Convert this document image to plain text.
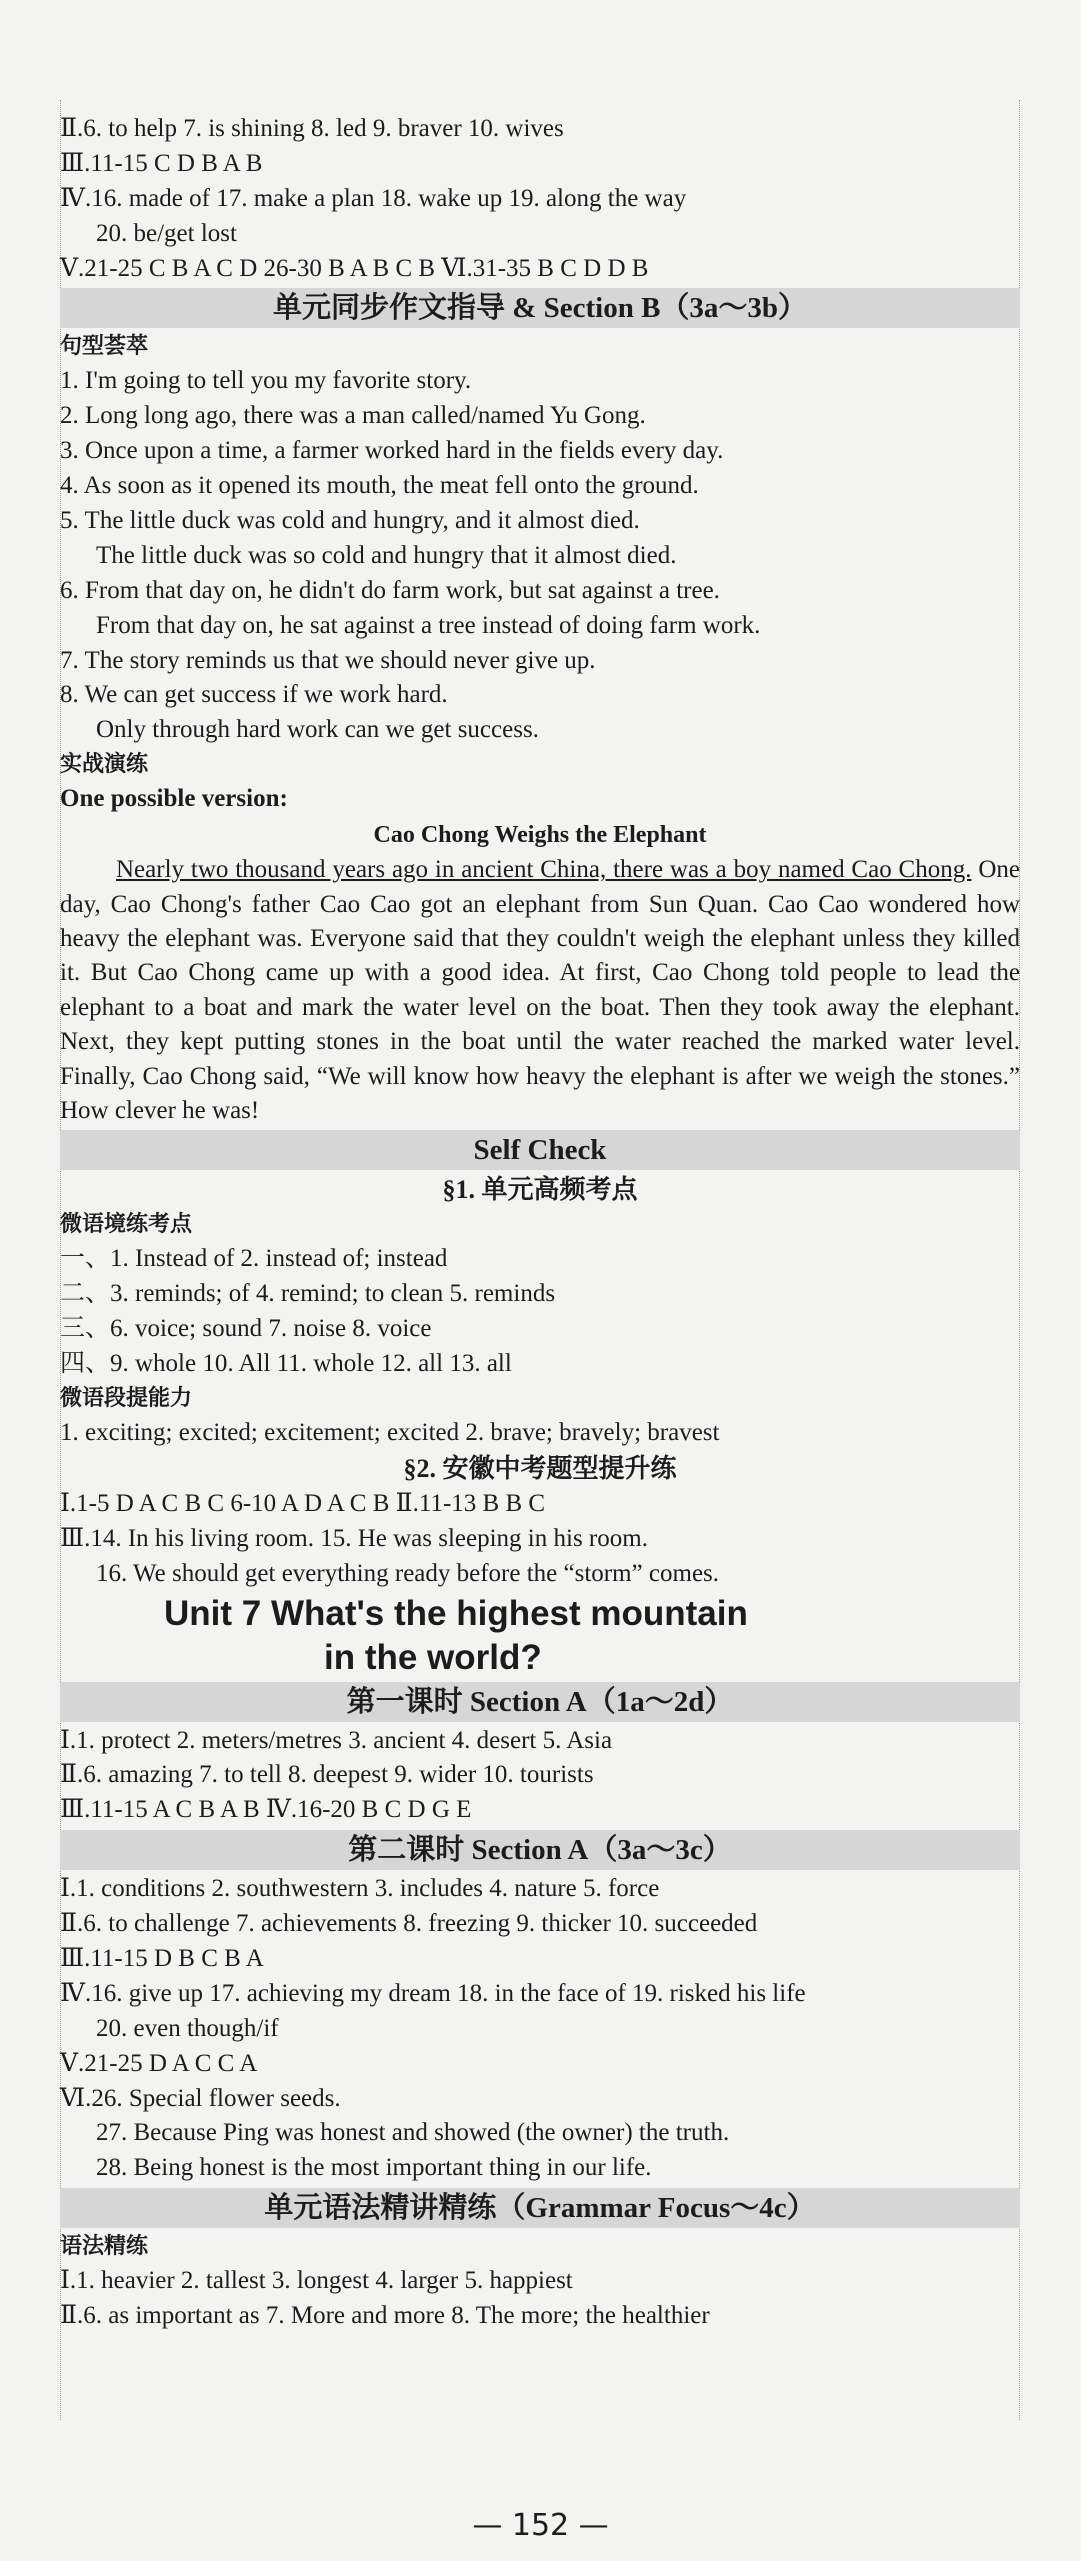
Ⅱ.6. to help 7. is shining 8. led 9. braver 10. wives
Ⅲ.11-15 C D B A B
Ⅳ.16. made of 17. make a plan 18. wake up 19. along the way
20. be/get lost
Ⅴ.21-25 C B A C D 26-30 B A B C B Ⅵ.31-35 B C D D B
单元同步作文指导 & Section B（3a～3b）
句型荟萃
1. I'm going to tell you my favorite story.
2. Long long ago, there was a man called/named Yu Gong.
3. Once upon a time, a farmer worked hard in the fields every day.
4. As soon as it opened its mouth, the meat fell onto the ground.
5. The little duck was cold and hungry, and it almost died.
The little duck was so cold and hungry that it almost died.
6. From that day on, he didn't do farm work, but sat against a tree.
From that day on, he sat against a tree instead of doing farm work.
7. The story reminds us that we should never give up.
8. We can get success if we work hard.
Only through hard work can we get success.
实战演练
One possible version:
Cao Chong Weighs the Elephant
Nearly two thousand years ago in ancient China, there was a boy named Cao Chong. One day, Cao Chong's father Cao Cao got an elephant from Sun Quan. Cao Cao wondered how heavy the elephant was. Everyone said that they couldn't weigh the elephant unless they killed it. But Cao Chong came up with a good idea. At first, Cao Chong told people to lead the elephant to a boat and mark the water level on the boat. Then they took away the elephant. Next, they kept putting stones in the boat until the water reached the marked water level. Finally, Cao Chong said, “We will know how heavy the elephant is after we weigh the stones.” How clever he was!
Self Check
§1. 单元高频考点
微语境练考点
一、1. Instead of 2. instead of; instead
二、3. reminds; of 4. remind; to clean 5. reminds
三、6. voice; sound 7. noise 8. voice
四、9. whole 10. All 11. whole 12. all 13. all
微语段提能力
1. exciting; excited; excitement; excited 2. brave; bravely; bravest
§2. 安徽中考题型提升练
Ⅰ.1-5 D A C B C 6-10 A D A C B Ⅱ.11-13 B B C
Ⅲ.14. In his living room. 15. He was sleeping in his room.
16. We should get everything ready before the “storm” comes.
Unit 7 What's the highest mountain
in the world?
第一课时 Section A（1a～2d）
Ⅰ.1. protect 2. meters/metres 3. ancient 4. desert 5. Asia
Ⅱ.6. amazing 7. to tell 8. deepest 9. wider 10. tourists
Ⅲ.11-15 A C B A B Ⅳ.16-20 B C D G E
第二课时 Section A（3a～3c）
Ⅰ.1. conditions 2. southwestern 3. includes 4. nature 5. force
Ⅱ.6. to challenge 7. achievements 8. freezing 9. thicker 10. succeeded
Ⅲ.11-15 D B C B A
Ⅳ.16. give up 17. achieving my dream 18. in the face of 19. risked his life
20. even though/if
Ⅴ.21-25 D A C C A
Ⅵ.26. Special flower seeds.
27. Because Ping was honest and showed (the owner) the truth.
28. Being honest is the most important thing in our life.
单元语法精讲精练（Grammar Focus～4c）
语法精练
Ⅰ.1. heavier 2. tallest 3. longest 4. larger 5. happiest
Ⅱ.6. as important as 7. More and more 8. The more; the healthier
— 152 —
